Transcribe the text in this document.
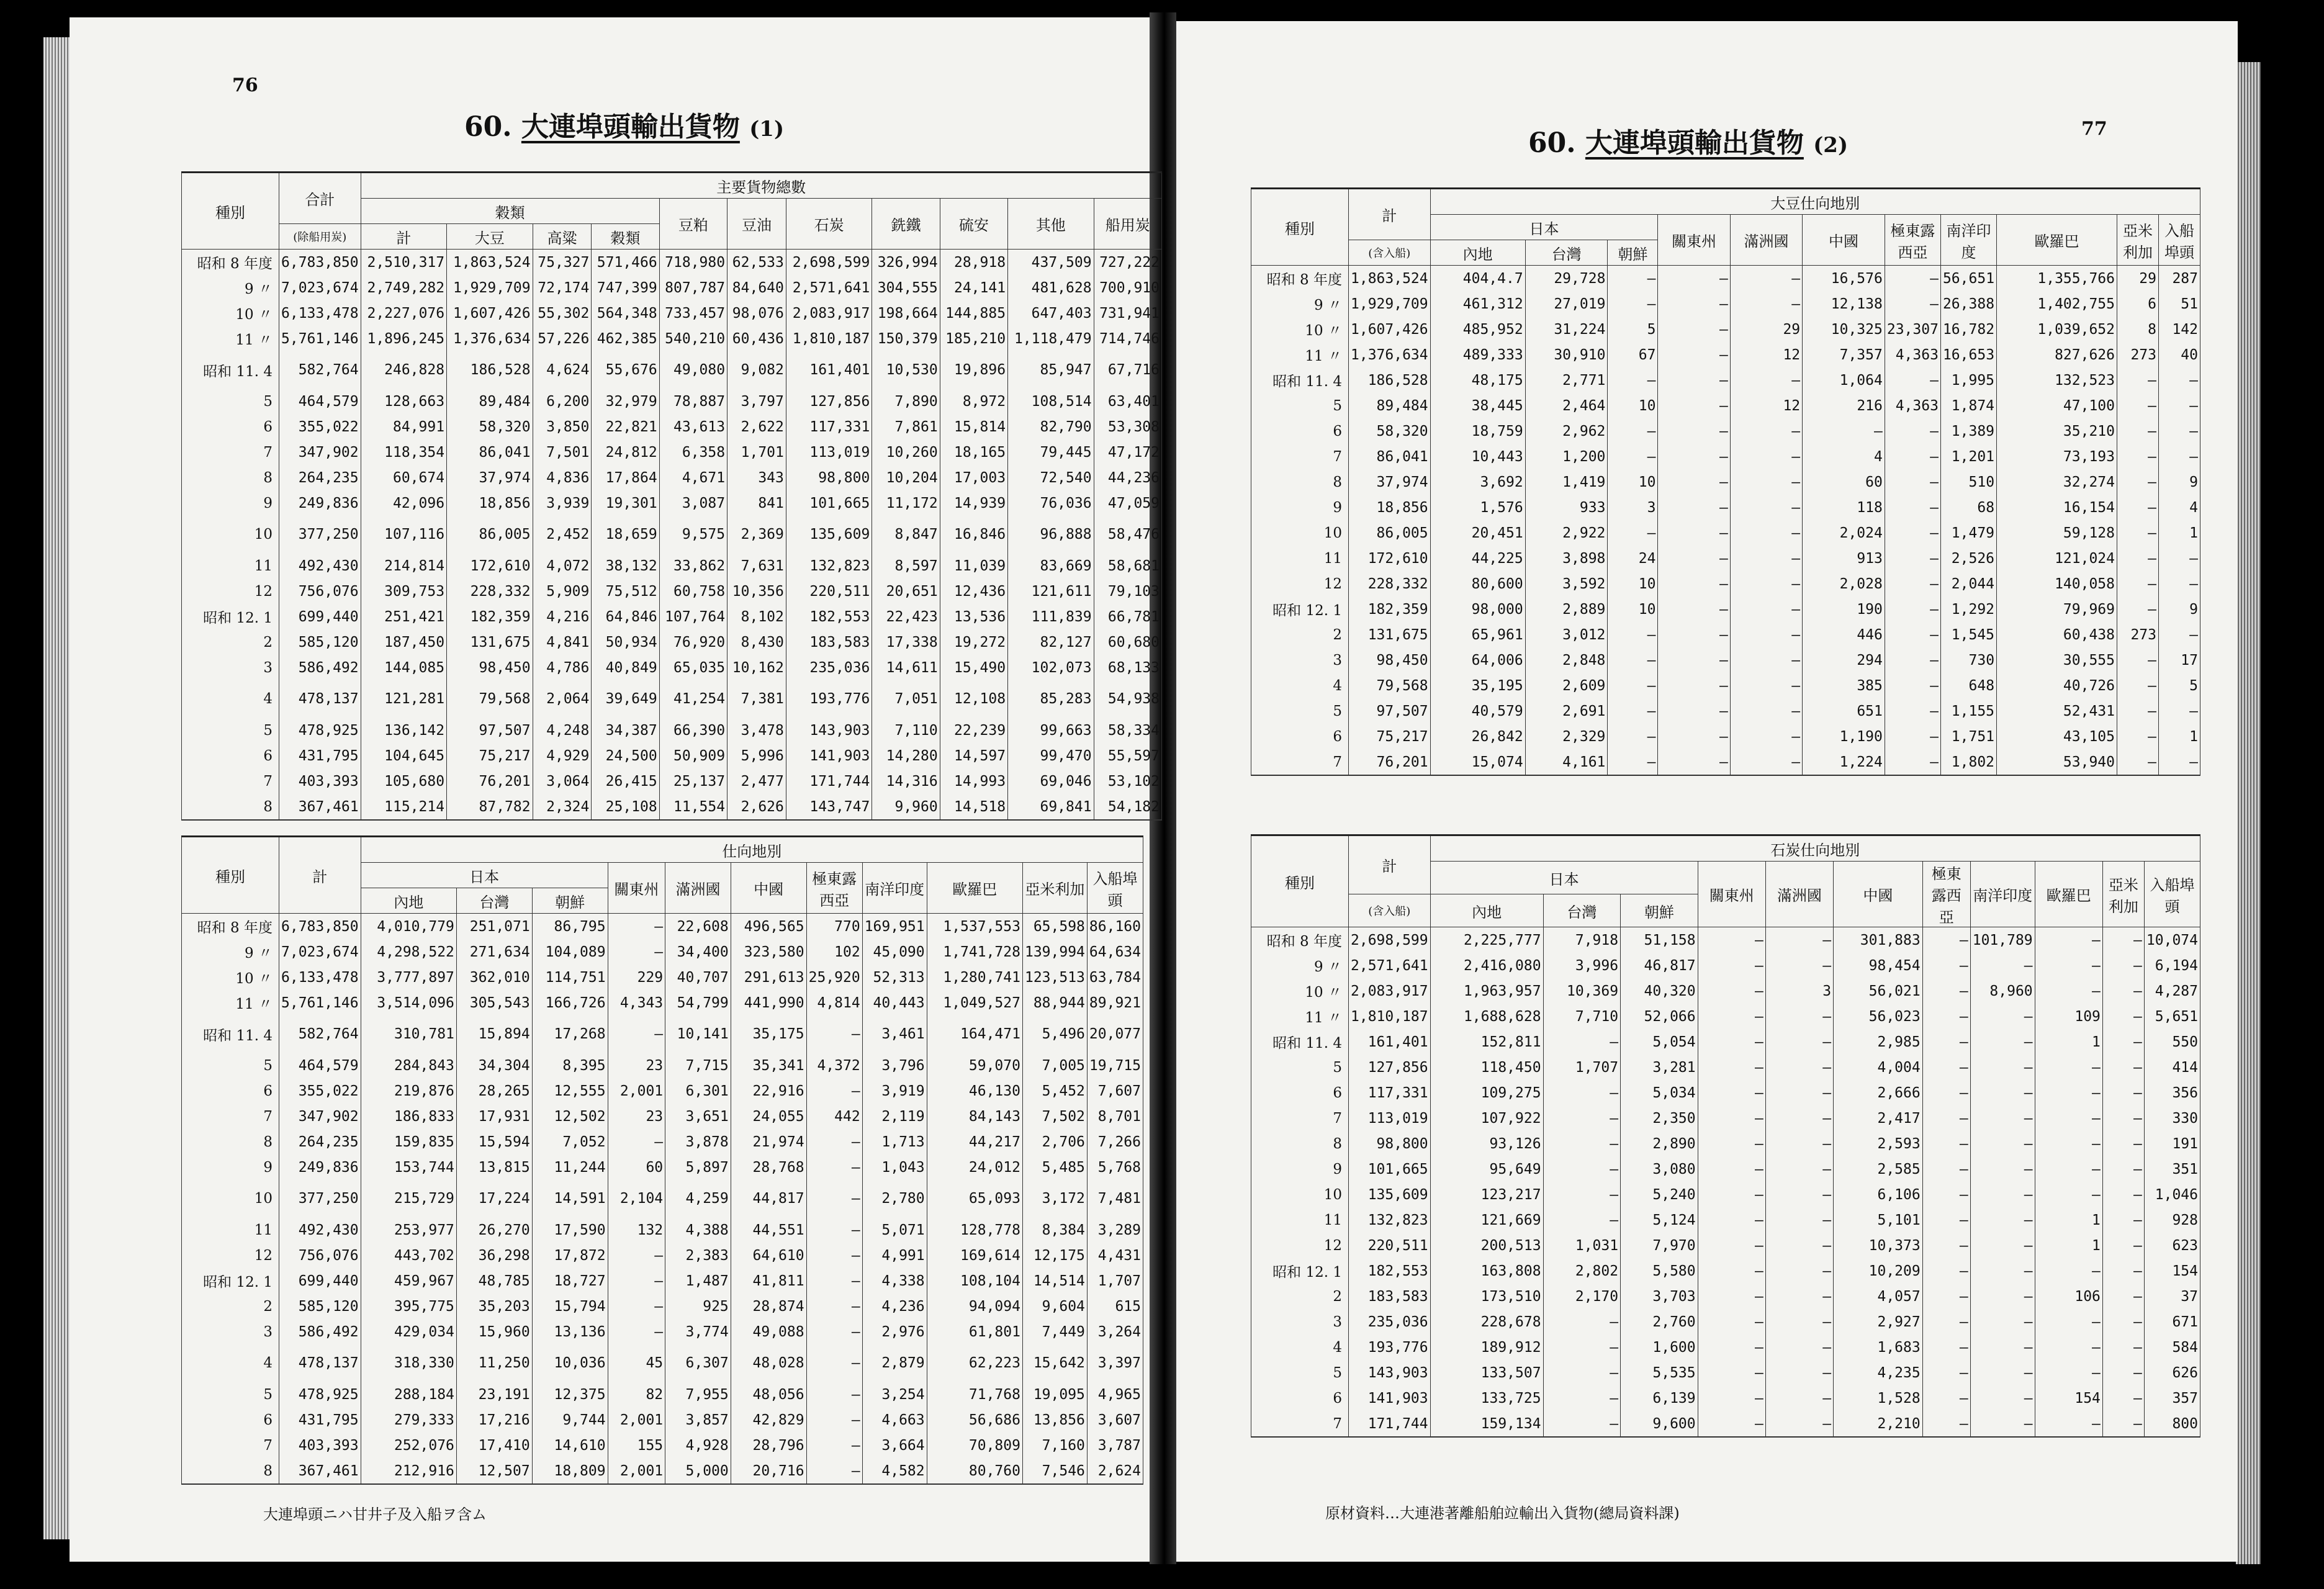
76
60. 大連埠頭輸出貨物 (1)
種別	合計	主要貨物總數										
		穀類				豆粕	豆油	石炭	銑鐵	硫安	其他	船用炭
	(除船用炭)	計	大豆	高粱	穀類							
昭和 8 年度	6,783,850	2,510,317	1,863,524	75,327	571,466	718,980	62,533	2,698,599	326,994	28,918	437,509	727,222
9 〃	7,023,674	2,749,282	1,929,709	72,174	747,399	807,787	84,640	2,571,641	304,555	24,141	481,628	700,910
10 〃	6,133,478	2,227,076	1,607,426	55,302	564,348	733,457	98,076	2,083,917	198,664	144,885	647,403	731,941
11 〃	5,761,146	1,896,245	1,376,634	57,226	462,385	540,210	60,436	1,810,187	150,379	185,210	1,118,479	714,746
昭和 11. 4	582,764	246,828	186,528	4,624	55,676	49,080	9,082	161,401	10,530	19,896	85,947	67,716
5	464,579	128,663	89,484	6,200	32,979	78,887	3,797	127,856	7,890	8,972	108,514	63,401
6	355,022	84,991	58,320	3,850	22,821	43,613	2,622	117,331	7,861	15,814	82,790	53,308
7	347,902	118,354	86,041	7,501	24,812	6,358	1,701	113,019	10,260	18,165	79,445	47,172
8	264,235	60,674	37,974	4,836	17,864	4,671	343	98,800	10,204	17,003	72,540	44,236
9	249,836	42,096	18,856	3,939	19,301	3,087	841	101,665	11,172	14,939	76,036	47,059
10	377,250	107,116	86,005	2,452	18,659	9,575	2,369	135,609	8,847	16,846	96,888	58,476
11	492,430	214,814	172,610	4,072	38,132	33,862	7,631	132,823	8,597	11,039	83,669	58,681
12	756,076	309,753	228,332	5,909	75,512	60,758	10,356	220,511	20,651	12,436	121,611	79,103
昭和 12. 1	699,440	251,421	182,359	4,216	64,846	107,764	8,102	182,553	22,423	13,536	111,839	66,781
2	585,120	187,450	131,675	4,841	50,934	76,920	8,430	183,583	17,338	19,272	82,127	60,680
3	586,492	144,085	98,450	4,786	40,849	65,035	10,162	235,036	14,611	15,490	102,073	68,133
4	478,137	121,281	79,568	2,064	39,649	41,254	7,381	193,776	7,051	12,108	85,283	54,938
5	478,925	136,142	97,507	4,248	34,387	66,390	3,478	143,903	7,110	22,239	99,663	58,334
6	431,795	104,645	75,217	4,929	24,500	50,909	5,996	141,903	14,280	14,597	99,470	55,597
7	403,393	105,680	76,201	3,064	26,415	25,137	2,477	171,744	14,316	14,993	69,046	53,102
8	367,461	115,214	87,782	2,324	25,108	11,554	2,626	143,747	9,960	14,518	69,841	54,182
種別	計	仕向地別										
		日本			關東州	滿洲國	中國	極東露西亞	南洋印度	歐羅巴	亞米利加	入船埠頭
		內地	台灣	朝鮮								
昭和 8 年度	6,783,850	4,010,779	251,071	86,795	—	22,608	496,565	770	169,951	1,537,553	65,598	86,160
9 〃	7,023,674	4,298,522	271,634	104,089	—	34,400	323,580	102	45,090	1,741,728	139,994	64,634
10 〃	6,133,478	3,777,897	362,010	114,751	229	40,707	291,613	25,920	52,313	1,280,741	123,513	63,784
11 〃	5,761,146	3,514,096	305,543	166,726	4,343	54,799	441,990	4,814	40,443	1,049,527	88,944	89,921
昭和 11. 4	582,764	310,781	15,894	17,268	—	10,141	35,175	—	3,461	164,471	5,496	20,077
5	464,579	284,843	34,304	8,395	23	7,715	35,341	4,372	3,796	59,070	7,005	19,715
6	355,022	219,876	28,265	12,555	2,001	6,301	22,916	—	3,919	46,130	5,452	7,607
7	347,902	186,833	17,931	12,502	23	3,651	24,055	442	2,119	84,143	7,502	8,701
8	264,235	159,835	15,594	7,052	—	3,878	21,974	—	1,713	44,217	2,706	7,266
9	249,836	153,744	13,815	11,244	60	5,897	28,768	—	1,043	24,012	5,485	5,768
10	377,250	215,729	17,224	14,591	2,104	4,259	44,817	—	2,780	65,093	3,172	7,481
11	492,430	253,977	26,270	17,590	132	4,388	44,551	—	5,071	128,778	8,384	3,289
12	756,076	443,702	36,298	17,872	—	2,383	64,610	—	4,991	169,614	12,175	4,431
昭和 12. 1	699,440	459,967	48,785	18,727	—	1,487	41,811	—	4,338	108,104	14,514	1,707
2	585,120	395,775	35,203	15,794	—	925	28,874	—	4,236	94,094	9,604	615
3	586,492	429,034	15,960	13,136	—	3,774	49,088	—	2,976	61,801	7,449	3,264
4	478,137	318,330	11,250	10,036	45	6,307	48,028	—	2,879	62,223	15,642	3,397
5	478,925	288,184	23,191	12,375	82	7,955	48,056	—	3,254	71,768	19,095	4,965
6	431,795	279,333	17,216	9,744	2,001	3,857	42,829	—	4,663	56,686	13,856	3,607
7	403,393	252,076	17,410	14,610	155	4,928	28,796	—	3,664	70,809	7,160	3,787
8	367,461	212,916	12,507	18,809	2,001	5,000	20,716	—	4,582	80,760	7,546	2,624
大連埠頭ニハ甘井子及入船ヲ含ム
77
60. 大連埠頭輸出貨物 (2)
種別	計	大豆仕向地別										
		日本			關東州	滿洲國	中國	極東露西亞	南洋印度	歐羅巴	亞米利加	入船埠頭
	(含入船)	內地	台灣	朝鮮								
昭和 8 年度	1,863,524	404,4.7	29,728	—	—	—	16,576	—	56,651	1,355,766	29	287
9 〃	1,929,709	461,312	27,019	—	—	—	12,138	—	26,388	1,402,755	6	51
10 〃	1,607,426	485,952	31,224	5	—	29	10,325	23,307	16,782	1,039,652	8	142
11 〃	1,376,634	489,333	30,910	67	—	12	7,357	4,363	16,653	827,626	273	40
昭和 11. 4	186,528	48,175	2,771	—	—	—	1,064	—	1,995	132,523	—	—
5	89,484	38,445	2,464	10	—	12	216	4,363	1,874	47,100	—	—
6	58,320	18,759	2,962	—	—	—	—	—	1,389	35,210	—	—
7	86,041	10,443	1,200	—	—	—	4	—	1,201	73,193	—	—
8	37,974	3,692	1,419	10	—	—	60	—	510	32,274	—	9
9	18,856	1,576	933	3	—	—	118	—	68	16,154	—	4
10	86,005	20,451	2,922	—	—	—	2,024	—	1,479	59,128	—	1
11	172,610	44,225	3,898	24	—	—	913	—	2,526	121,024	—	—
12	228,332	80,600	3,592	10	—	—	2,028	—	2,044	140,058	—	—
昭和 12. 1	182,359	98,000	2,889	10	—	—	190	—	1,292	79,969	—	9
2	131,675	65,961	3,012	—	—	—	446	—	1,545	60,438	273	—
3	98,450	64,006	2,848	—	—	—	294	—	730	30,555	—	17
4	79,568	35,195	2,609	—	—	—	385	—	648	40,726	—	5
5	97,507	40,579	2,691	—	—	—	651	—	1,155	52,431	—	—
6	75,217	26,842	2,329	—	—	—	1,190	—	1,751	43,105	—	1
7	76,201	15,074	4,161	—	—	—	1,224	—	1,802	53,940	—	—
種別	計	石炭仕向地別										
		日本			關東州	滿洲國	中國	極東露西亞	南洋印度	歐羅巴	亞米利加	入船埠頭
	(含入船)	內地	台灣	朝鮮								
昭和 8 年度	2,698,599	2,225,777	7,918	51,158	—	—	301,883	—	101,789	—	—	10,074
9 〃	2,571,641	2,416,080	3,996	46,817	—	—	98,454	—	—	—	—	6,194
10 〃	2,083,917	1,963,957	10,369	40,320	—	3	56,021	—	8,960	—	—	4,287
11 〃	1,810,187	1,688,628	7,710	52,066	—	—	56,023	—	—	109	—	5,651
昭和 11. 4	161,401	152,811	—	5,054	—	—	2,985	—	—	1	—	550
5	127,856	118,450	1,707	3,281	—	—	4,004	—	—	—	—	414
6	117,331	109,275	—	5,034	—	—	2,666	—	—	—	—	356
7	113,019	107,922	—	2,350	—	—	2,417	—	—	—	—	330
8	98,800	93,126	—	2,890	—	—	2,593	—	—	—	—	191
9	101,665	95,649	—	3,080	—	—	2,585	—	—	—	—	351
10	135,609	123,217	—	5,240	—	—	6,106	—	—	—	—	1,046
11	132,823	121,669	—	5,124	—	—	5,101	—	—	1	—	928
12	220,511	200,513	1,031	7,970	—	—	10,373	—	—	1	—	623
昭和 12. 1	182,553	163,808	2,802	5,580	—	—	10,209	—	—	—	—	154
2	183,583	173,510	2,170	3,703	—	—	4,057	—	—	106	—	37
3	235,036	228,678	—	2,760	—	—	2,927	—	—	—	—	671
4	193,776	189,912	—	1,600	—	—	1,683	—	—	—	—	584
5	143,903	133,507	—	5,535	—	—	4,235	—	—	—	—	626
6	141,903	133,725	—	6,139	—	—	1,528	—	—	154	—	357
7	171,744	159,134	—	9,600	—	—	2,210	—	—	—	—	800
原材資料…大連港著離船舶竝輸出入貨物(總局資料課)
